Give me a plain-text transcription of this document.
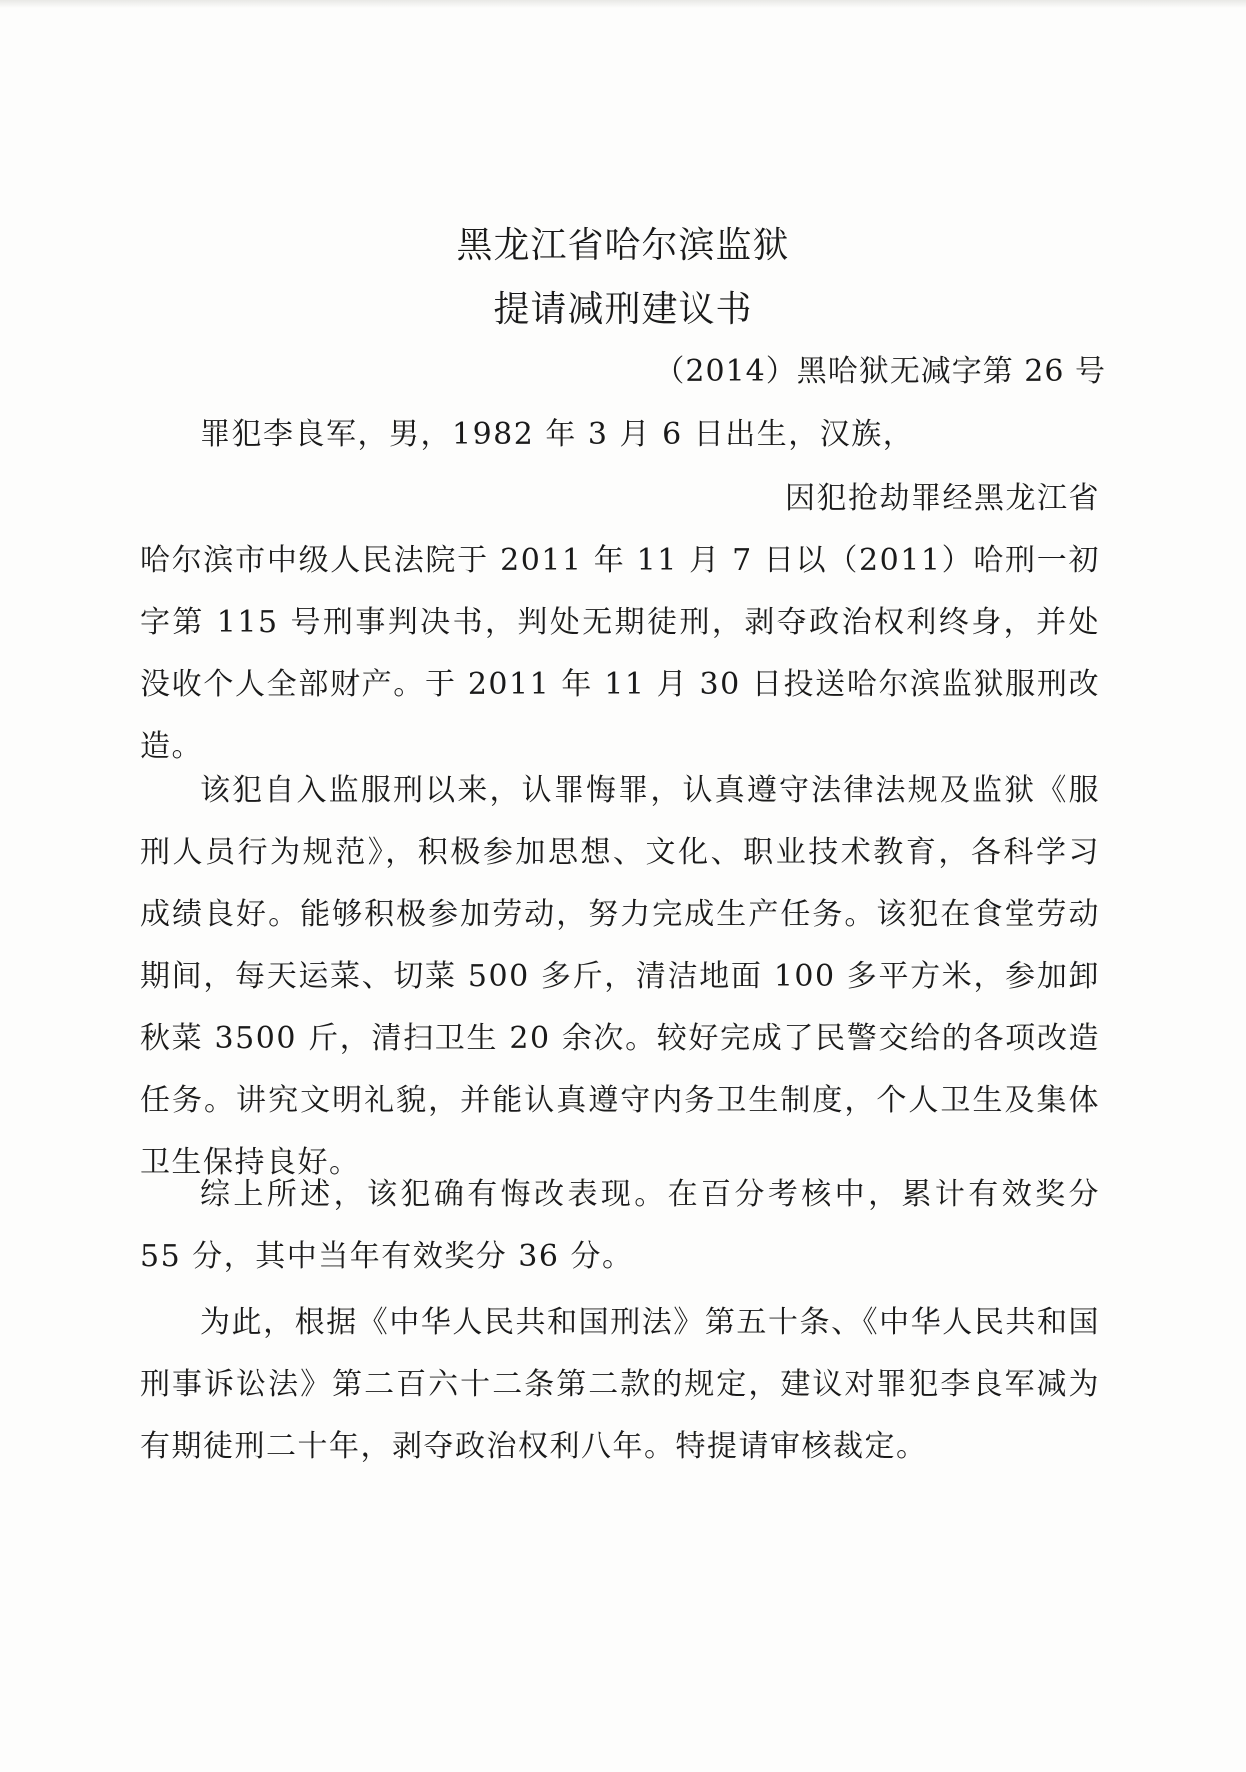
黑龙江省哈尔滨监狱
提请减刑建议书
（2014）黑哈狱无减字第 26 号

罪犯李良军，男，1982 年 3 月 6 日出生，汉族，

因犯抢劫罪经黑龙江省

哈尔滨市中级人民法院于 2011 年 11 月 7 日以（2011）哈刑一初字第 115 号刑事判决书，判处无期徒刑，剥夺政治权利终身，并处没收个人全部财产。于 2011 年 11 月 30 日投送哈尔滨监狱服刑改造。

该犯自入监服刑以来，认罪悔罪，认真遵守法律法规及监狱《服刑人员行为规范》，积极参加思想、文化、职业技术教育，各科学习成绩良好。能够积极参加劳动，努力完成生产任务。该犯在食堂劳动期间，每天运菜、切菜 500 多斤，清洁地面 100 多平方米，参加卸秋菜 3500 斤，清扫卫生 20 余次。较好完成了民警交给的各项改造任务。讲究文明礼貌，并能认真遵守内务卫生制度，个人卫生及集体卫生保持良好。

综上所述，该犯确有悔改表现。在百分考核中，累计有效奖分 55 分，其中当年有效奖分 36 分。

为此，根据《中华人民共和国刑法》第五十条、《中华人民共和国刑事诉讼法》第二百六十二条第二款的规定，建议对罪犯李良军减为有期徒刑二十年，剥夺政治权利八年。特提请审核裁定。
